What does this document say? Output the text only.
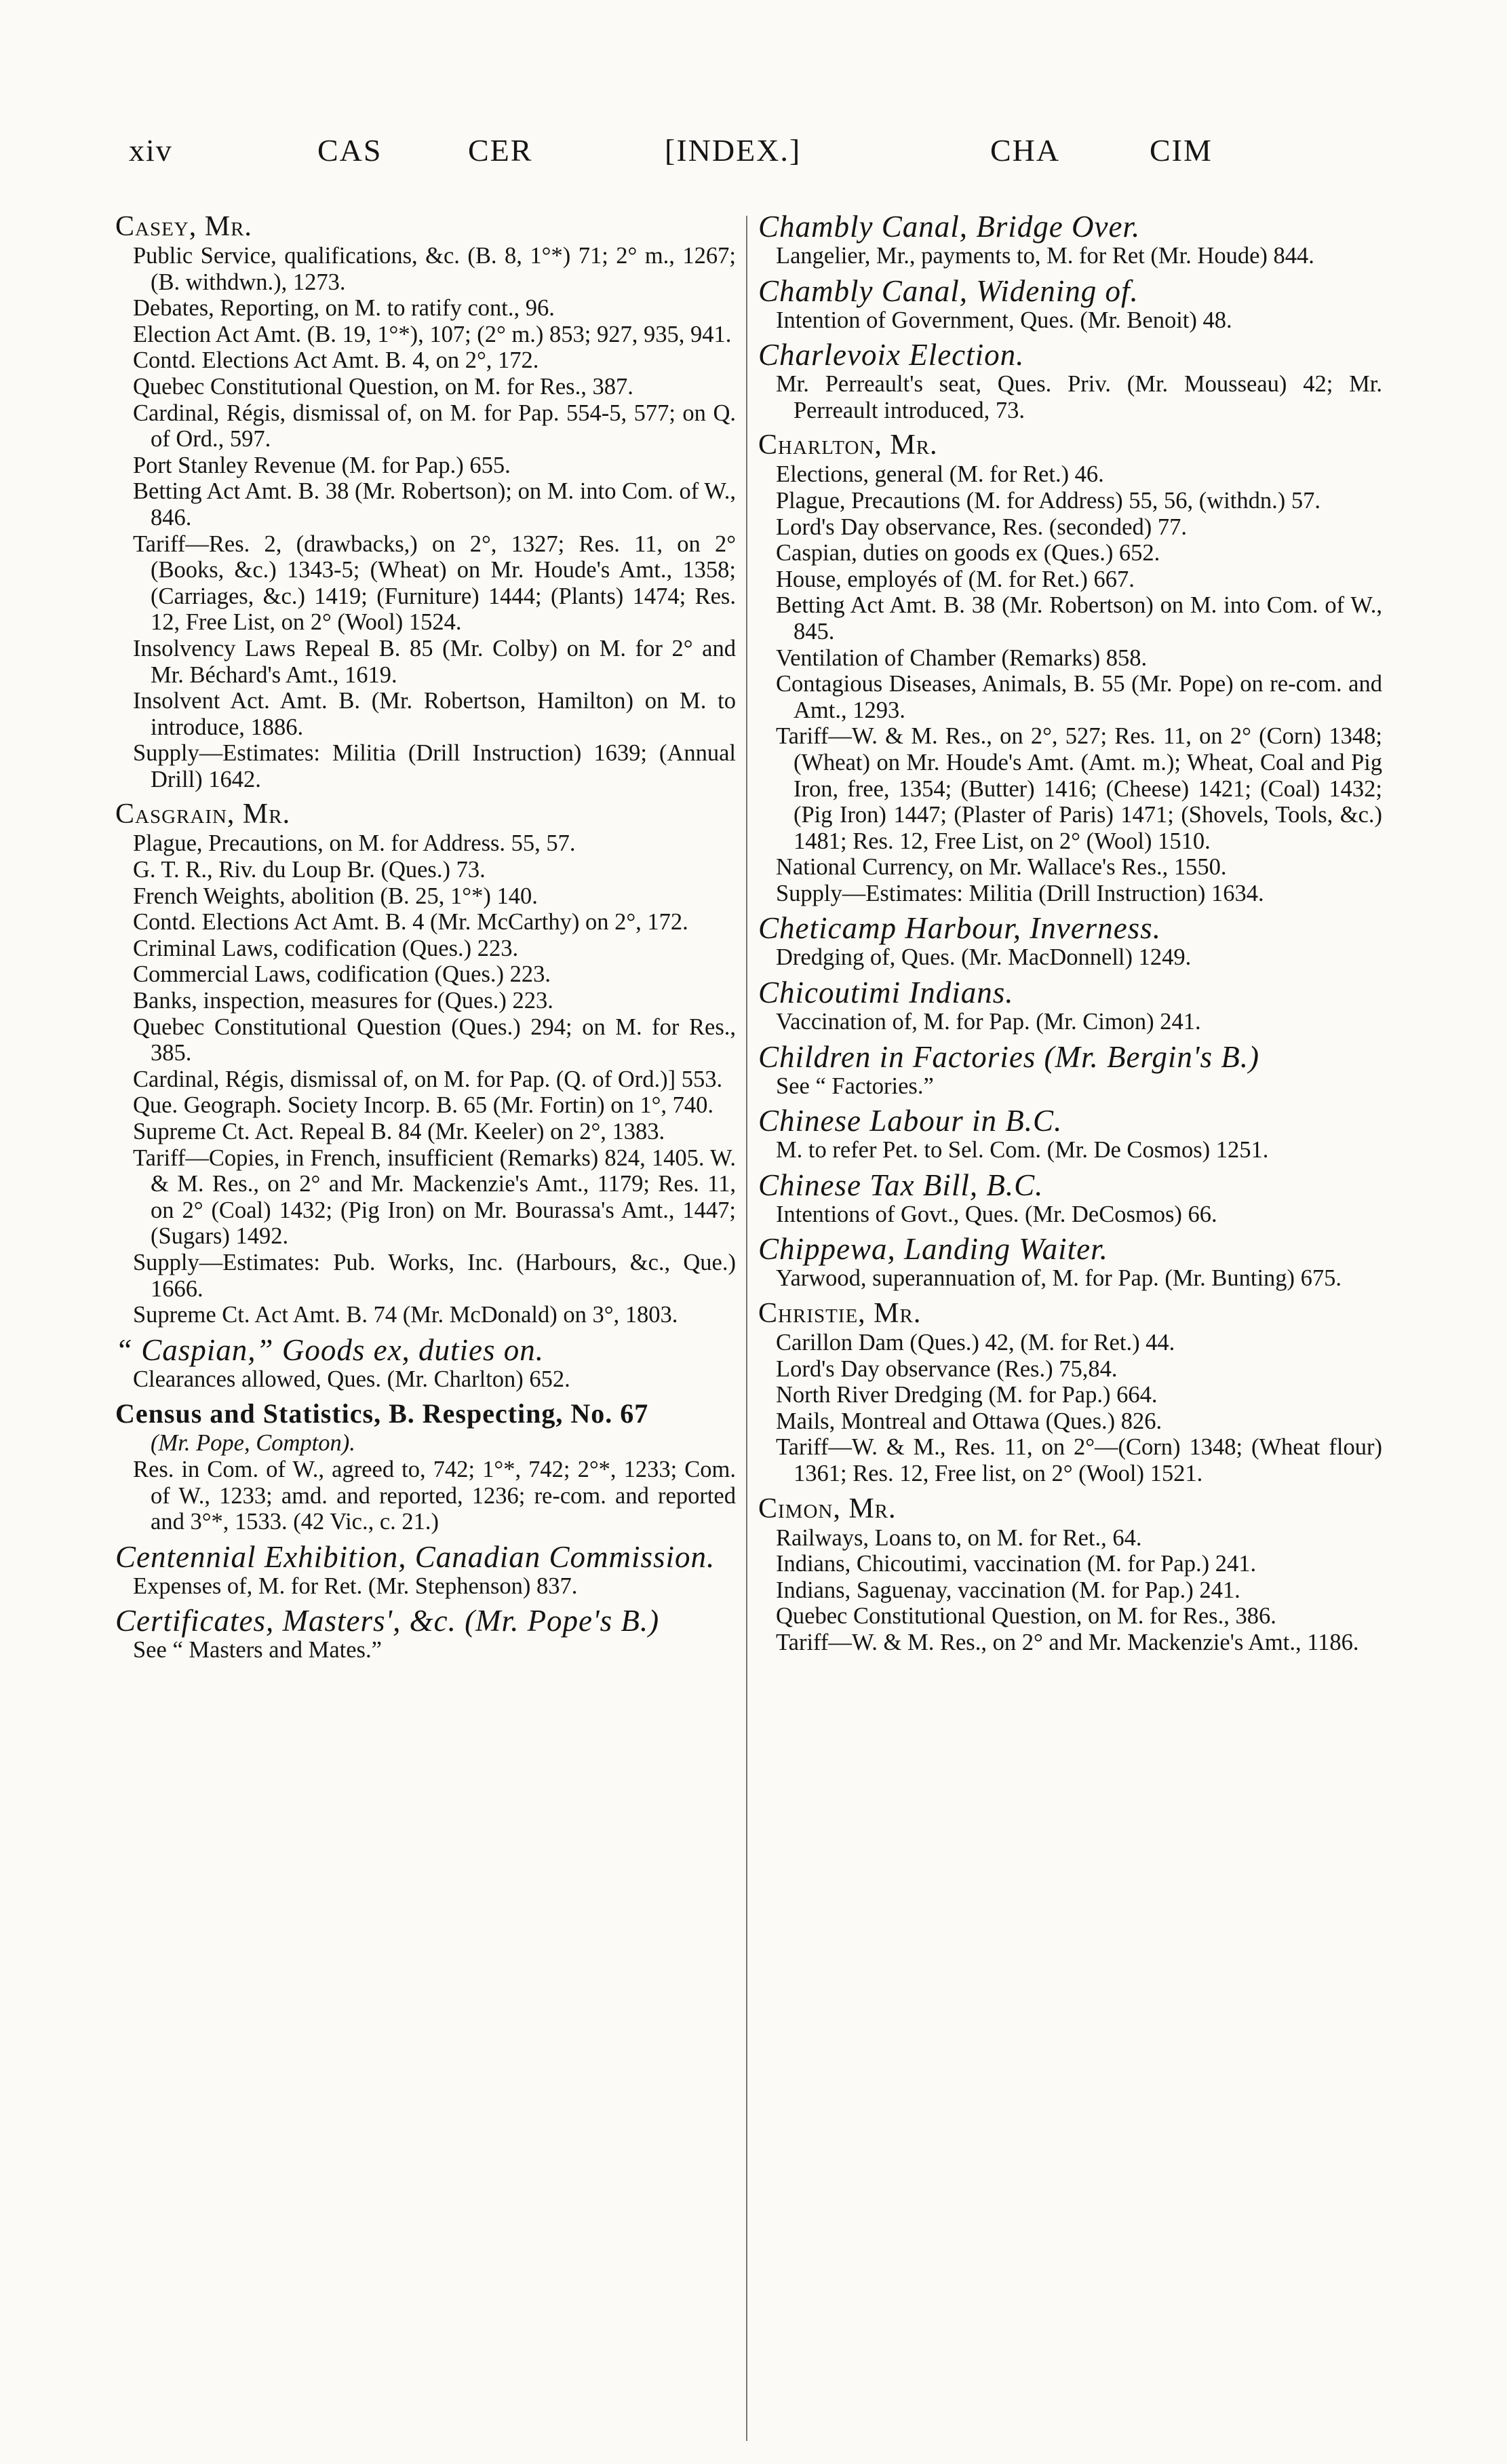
xiv	CAS	CER	[INDEX.]	CHA	CIM
Casey, Mr.
Public Service, qualifications, &c. (B. 8, 1°*) 71; 2° m., 1267; (B. withdwn.), 1273.
Debates, Reporting, on M. to ratify cont., 96.
Election Act Amt. (B. 19, 1°*), 107; (2° m.) 853; 927, 935, 941.
Contd. Elections Act Amt. B. 4, on 2°, 172.
Quebec Constitutional Question, on M. for Res., 387.
Cardinal, Régis, dismissal of, on M. for Pap. 554-5, 577; on Q. of Ord., 597.
Port Stanley Revenue (M. for Pap.) 655.
Betting Act Amt. B. 38 (Mr. Robertson); on M. into Com. of W., 846.
Tariff—Res. 2, (drawbacks,) on 2°, 1327; Res. 11, on 2° (Books, &c.) 1343-5; (Wheat) on Mr. Houde's Amt., 1358; (Carriages, &c.) 1419; (Furniture) 1444; (Plants) 1474; Res. 12, Free List, on 2° (Wool) 1524.
Insolvency Laws Repeal B. 85 (Mr. Colby) on M. for 2° and Mr. Béchard's Amt., 1619.
Insolvent Act. Amt. B. (Mr. Robertson, Hamilton) on M. to introduce, 1886.
Supply—Estimates: Militia (Drill Instruction) 1639; (Annual Drill) 1642.
Casgrain, Mr.
Plague, Precautions, on M. for Address. 55, 57.
G. T. R., Riv. du Loup Br. (Ques.) 73.
French Weights, abolition (B. 25, 1°*) 140.
Contd. Elections Act Amt. B. 4 (Mr. McCarthy) on 2°, 172.
Criminal Laws, codification (Ques.) 223.
Commercial Laws, codification (Ques.) 223.
Banks, inspection, measures for (Ques.) 223.
Quebec Constitutional Question (Ques.) 294; on M. for Res., 385.
Cardinal, Régis, dismissal of, on M. for Pap. (Q. of Ord.)] 553.
Que. Geograph. Society Incorp. B. 65 (Mr. Fortin) on 1°, 740.
Supreme Ct. Act. Repeal B. 84 (Mr. Keeler) on 2°, 1383.
Tariff—Copies, in French, insufficient (Remarks) 824, 1405. W. & M. Res., on 2° and Mr. Mackenzie's Amt., 1179; Res. 11, on 2° (Coal) 1432; (Pig Iron) on Mr. Bourassa's Amt., 1447; (Sugars) 1492.
Supply—Estimates: Pub. Works, Inc. (Harbours, &c., Que.) 1666.
Supreme Ct. Act Amt. B. 74 (Mr. McDonald) on 3°, 1803.
“ Caspian,” Goods ex, duties on.
Clearances allowed, Ques. (Mr. Charlton) 652.
Census and Statistics, B. Respecting, No. 67
(Mr. Pope, Compton).
Res. in Com. of W., agreed to, 742; 1°*, 742; 2°*, 1233; Com. of W., 1233; amd. and reported, 1236; re-com. and reported and 3°*, 1533. (42 Vic., c. 21.)
Centennial Exhibition, Canadian Commission.
Expenses of, M. for Ret. (Mr. Stephenson) 837.
Certificates, Masters', &c. (Mr. Pope's B.)
See “ Masters and Mates.”
Chambly Canal, Bridge Over.
Langelier, Mr., payments to, M. for Ret (Mr. Houde) 844.
Chambly Canal, Widening of.
Intention of Government, Ques. (Mr. Benoit) 48.
Charlevoix Election.
Mr. Perreault's seat, Ques. Priv. (Mr. Mousseau) 42; Mr. Perreault introduced, 73.
Charlton, Mr.
Elections, general (M. for Ret.) 46.
Plague, Precautions (M. for Address) 55, 56, (withdn.) 57.
Lord's Day observance, Res. (seconded) 77.
Caspian, duties on goods ex (Ques.) 652.
House, employés of (M. for Ret.) 667.
Betting Act Amt. B. 38 (Mr. Robertson) on M. into Com. of W., 845.
Ventilation of Chamber (Remarks) 858.
Contagious Diseases, Animals, B. 55 (Mr. Pope) on re-com. and Amt., 1293.
Tariff—W. & M. Res., on 2°, 527; Res. 11, on 2° (Corn) 1348; (Wheat) on Mr. Houde's Amt. (Amt. m.); Wheat, Coal and Pig Iron, free, 1354; (Butter) 1416; (Cheese) 1421; (Coal) 1432; (Pig Iron) 1447; (Plaster of Paris) 1471; (Shovels, Tools, &c.) 1481; Res. 12, Free List, on 2° (Wool) 1510.
National Currency, on Mr. Wallace's Res., 1550.
Supply—Estimates: Militia (Drill Instruction) 1634.
Cheticamp Harbour, Inverness.
Dredging of, Ques. (Mr. MacDonnell) 1249.
Chicoutimi Indians.
Vaccination of, M. for Pap. (Mr. Cimon) 241.
Children in Factories (Mr. Bergin's B.)
See “ Factories.”
Chinese Labour in B.C.
M. to refer Pet. to Sel. Com. (Mr. De Cosmos) 1251.
Chinese Tax Bill, B.C.
Intentions of Govt., Ques. (Mr. DeCosmos) 66.
Chippewa, Landing Waiter.
Yarwood, superannuation of, M. for Pap. (Mr. Bunting) 675.
Christie, Mr.
Carillon Dam (Ques.) 42, (M. for Ret.) 44.
Lord's Day observance (Res.) 75,84.
North River Dredging (M. for Pap.) 664.
Mails, Montreal and Ottawa (Ques.) 826.
Tariff—W. & M., Res. 11, on 2°—(Corn) 1348; (Wheat flour) 1361; Res. 12, Free list, on 2° (Wool) 1521.
Cimon, Mr.
Railways, Loans to, on M. for Ret., 64.
Indians, Chicoutimi, vaccination (M. for Pap.) 241.
Indians, Saguenay, vaccination (M. for Pap.) 241.
Quebec Constitutional Question, on M. for Res., 386.
Tariff—W. & M. Res., on 2° and Mr. Mackenzie's Amt., 1186.
